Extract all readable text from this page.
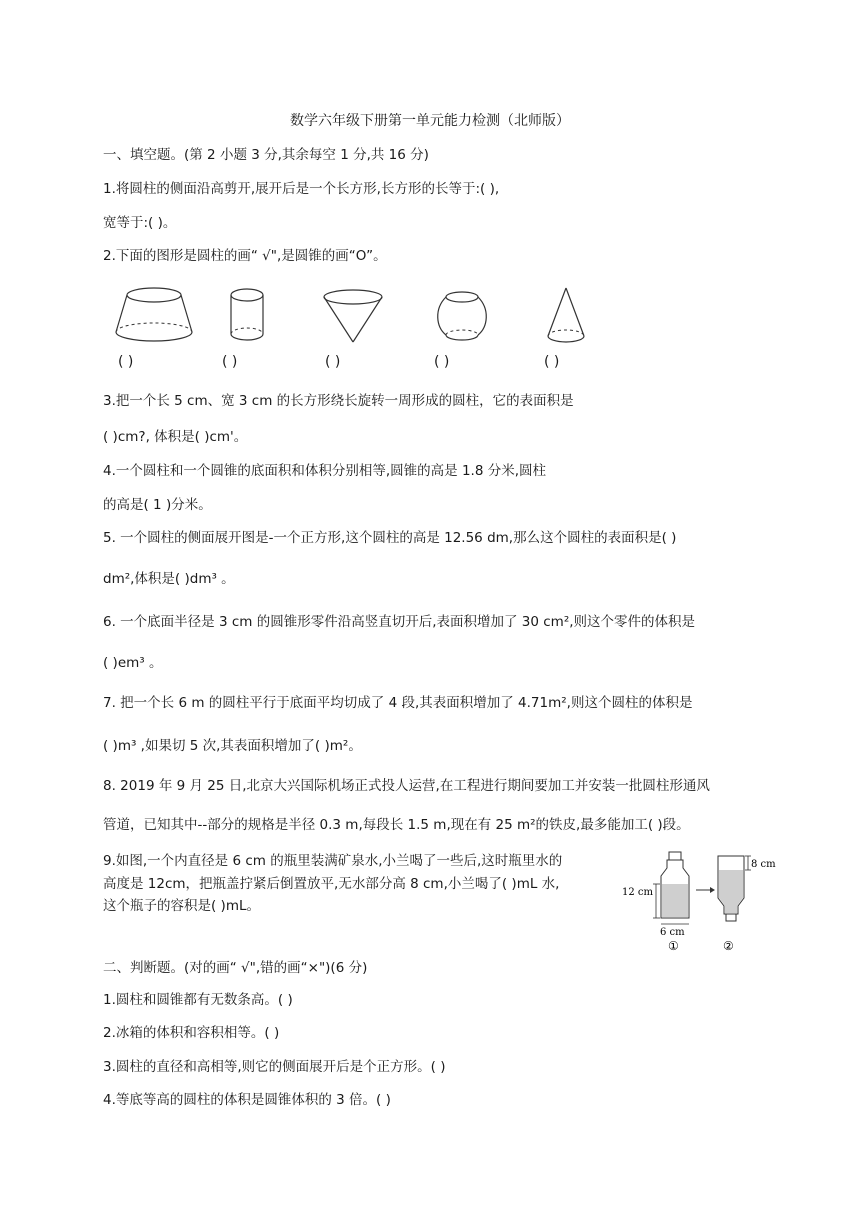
数学六年级下册第一单元能力检测（北师版）
一、填空题。(第 2 小题 3 分,其余每空 1 分,共 16 分)
1.将圆柱的侧面沿高剪开,展开后是一个长方形,长方形的长等于:( ),
宽等于:( )。
2.下面的图形是圆柱的画“ √",是圆锥的画“O”。
( )	( )	( )	( )	( )
3.把一个长 5 cm、宽 3 cm 的长方形绕长旋转一周形成的圆柱，它的表面积是
( )cm?, 体积是( )cm'。
4.一个圆柱和一个圆锥的底面积和体积分别相等,圆锥的高是 1.8 分米,圆柱
的高是( 1 )分米。
5. 一个圆柱的侧面展开图是-一个正方形,这个圆柱的高是 12.56 dm,那么这个圆柱的表面积是( )
dm²,体积是( )dm³ 。
6. 一个底面半径是 3 cm 的圆锥形零件沿高竖直切开后,表面积增加了 30 cm²,则这个零件的体积是
( )em³ 。
7. 把一个长 6 m 的圆柱平行于底面平均切成了 4 段,其表面积增加了 4.71m²,则这个圆柱的体积是
( )m³ ,如果切 5 次,其表面积增加了( )m²。
8. 2019 年 9 月 25 日,北京大兴国际机场正式投人运营,在工程进行期间要加工并安装一批圆柱形通风
管道，已知其中--部分的规格是半径 0.3 m,每段长 1.5 m,现在有 25 m²的铁皮,最多能加工( )段。
9.如图,一个内直径是 6 cm 的瓶里装满矿泉水,小兰喝了一些后,这时瓶里水的
高度是 12cm，把瓶盖拧紧后倒置放平,无水部分高 8 cm,小兰喝了( )mL 水,
这个瓶子的容积是( )mL。
12 cm
6 cm
①
8 cm
②
二、判断题。(对的画“ √",错的画“×")(6 分)
1.圆柱和圆锥都有无数条高。( )
2.冰箱的体积和容积相等。( )
3.圆柱的直径和高相等,则它的侧面展开后是个正方形。( )
4.等底等高的圆柱的体积是圆锥体积的 3 倍。( )
